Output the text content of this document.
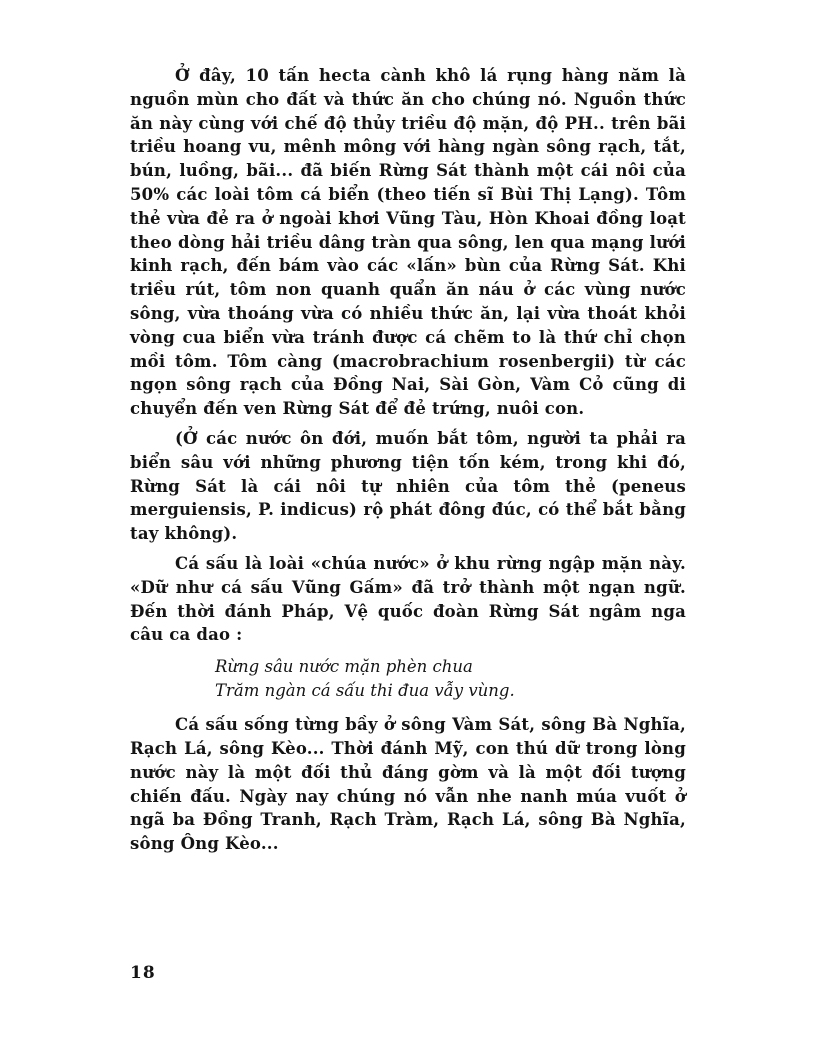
Ở đây, 10 tấn hecta cành khô lá rụng hàng năm là nguồn mùn cho đất và thức ăn cho chúng nó. Nguồn thức ăn này cùng với chế độ thủy triều độ mặn, độ PH.. trên bãi triều hoang vu, mênh mông với hàng ngàn sông rạch, tắt, bún, luồng, bãi... đã biến Rừng Sát thành một cái nôi của 50% các loài tôm cá biển (theo tiến sĩ Bùi Thị Lạng). Tôm thẻ vừa đẻ ra ở ngoài khơi Vũng Tàu, Hòn Khoai đồng loạt theo dòng hải triều dâng tràn qua sông, len qua mạng lưới kinh rạch, đến bám vào các «lấn» bùn của Rừng Sát. Khi triều rút, tôm non quanh quẩn ăn náu ở các vùng nước sông, vừa thoáng vừa có nhiều thức ăn, lại vừa thoát khỏi vòng cua biển vừa tránh được cá chẽm to là thứ chỉ chọn mồi tôm. Tôm càng (macrobrachium rosenbergii) từ các ngọn sông rạch của Đồng Nai, Sài Gòn, Vàm Cỏ cũng di chuyển đến ven Rừng Sát để đẻ trứng, nuôi con.

(Ở các nước ôn đới, muốn bắt tôm, người ta phải ra biển sâu với những phương tiện tốn kém, trong khi đó, Rừng Sát là cái nôi tự nhiên của tôm thẻ (peneus merguiensis, P. indicus) rộ phát đông đúc, có thể bắt bằng tay không).

Cá sấu là loài «chúa nước» ở khu rừng ngập mặn này. «Dữ như cá sấu Vũng Gấm» đã trở thành một ngạn ngữ. Đến thời đánh Pháp, Vệ quốc đoàn Rừng Sát ngâm nga câu ca dao :

Rừng sâu nước mặn phèn chua
Trăm ngàn cá sấu thi đua vẫy vùng.

Cá sấu sống từng bầy ở sông Vàm Sát, sông Bà Nghĩa, Rạch Lá, sông Kèo... Thời đánh Mỹ, con thú dữ trong lòng nước này là một đối thủ đáng gờm và là một đối tượng chiến đấu. Ngày nay chúng nó vẫn nhe nanh múa vuốt ở ngã ba Đồng Tranh, Rạch Tràm, Rạch Lá, sông Bà Nghĩa, sông Ông Kèo...

18
